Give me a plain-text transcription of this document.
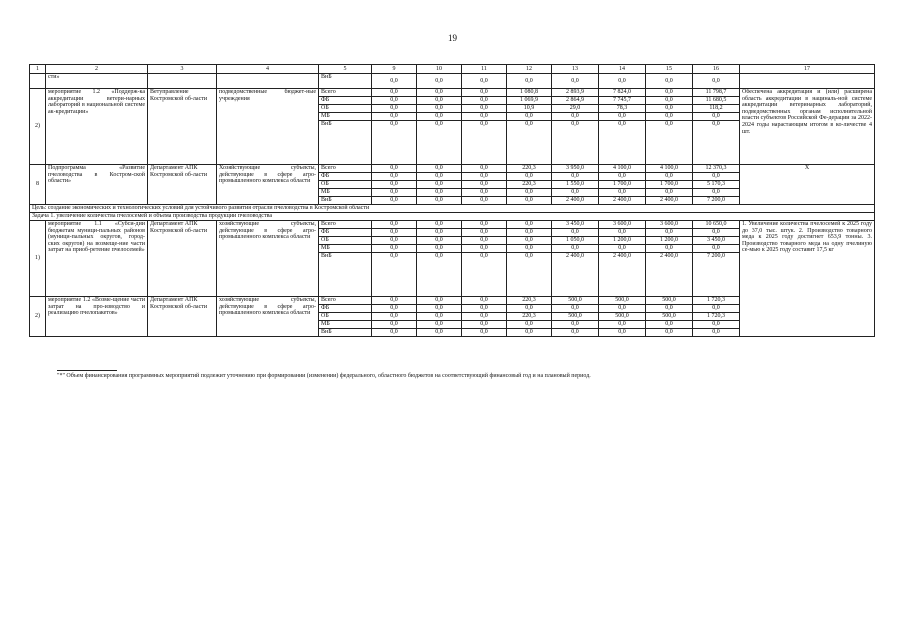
19
1	2	3	4	5	9	10	11	12	13	14	15	16	17
	сти»			ВнБ	0,0	0,0	0,0	0,0	0,0	0,0	0,0	0,0	
2)	мероприятие 1.2 «Поддерж-ка аккредитации ветери-нарных лабораторий в национальной системе ак-кредитации»	Ветуправление Костромской об-ласти	подведомственные бюджет-ные учреждения	Всего	0,0	0,0	0,0	1 080,8	2 893,9	7 824,0	0,0	11 798,7	Обеспечена аккредитация и (или) расширена область аккредитации в нациналь-ной системе аккредитации ветеринарных лабораторий, подведомственных органам исполнительной власти субъектов Российской Фе-дерации за 2022-2024 годы нарастающим итогом в ко-личестве 4 шт.
				ФБ	0,0	0,0	0,0	1 069,9	2 864,9	7 745,7	0,0	11 680,5	
				ОБ	0,0	0,0	0,0	10,9	29,0	78,3	0,0	118,2	
				МБ	0,0	0,0	0,0	0,0	0,0	0,0	0,0	0,0	
				ВнБ	0,0	0,0	0,0	0,0	0,0	0,0	0,0	0,0	
8	Подпрограмма «Развитие пчеловодства в Костром-ской области»	Департамент АПК Костромской об-ласти	Хозяйствующие субъекты, действующие в сфере агро-промышленного комплекса области	Всего	0,0	0,0	0,0	220,3	3 950,0	4 100,0	4 100,0	12 370,3	Х
				ФБ	0,0	0,0	0,0	0,0	0,0	0,0	0,0	0,0	
				ОБ	0,0	0,0	0,0	220,3	1 550,0	1 700,0	1 700,0	5 170,3	
				МБ	0,0	0,0	0,0	0,0	0,0	0,0	0,0	0,0	
				ВнБ	0,0	0,0	0,0	0,0	2 400,0	2 400,0	2 400,0	7 200,0	
Цель: создание экономических и технологических условий для устойчивого развития отрасли пчеловодства в Костромской области													
Задача 1. увеличение количества пчелосемей и объема производства продукции пчеловодства													
1)	мероприятие 1.1 «Субси-дии бюджетам муници-пальных районов (муници-пальных округов, город-ских округов) на возмеще-ние части затрат на приоб-ретение пчелосемей»	Департамент АПК Костромской об-ласти	хозяйствующие субъекты, действующие в сфере агро-промышленного комплекса области	Всего	0,0	0,0	0,0	0,0	3 450,0	3 600,0	3 600,0	10 650,0	1. Увеличение количества пчелосемей к 2025 году до 37,0 тыс. штук. 2. Производство товарного меда к 2025 году достигнет 653,9 тонны. 3. Производство товарного меда на одну пчелиную се-мью к 2025 году составит 17,5 кг
				ФБ	0,0	0,0	0,0	0,0	0,0	0,0	0,0	0,0	
				ОБ	0,0	0,0	0,0	0,0	1 050,0	1 200,0	1 200,0	3 450,0	
				МБ	0,0	0,0	0,0	0,0	0,0	0,0	0,0	0,0	
				ВнБ	0,0	0,0	0,0	0,0	2 400,0	2 400,0	2 400,0	7 200,0	
2)	мероприятие 1.2 «Возме-щение части затрат на про-изводство и реализацию пчелопакетов»	Департамент АПК Костромской об-ласти	хозяйствующие субъекты, действующие в сфере агро-промышленного комплекса области	Всего	0,0	0,0	0,0	220,3	500,0	500,0	500,0	1 720,3	
				ФБ	0,0	0,0	0,0	0,0	0,0	0,0	0,0	0,0	
				ОБ	0,0	0,0	0,0	220,3	500,0	500,0	500,0	1 720,3	
				МБ	0,0	0,0	0,0	0,0	0,0	0,0	0,0	0,0	
				ВнБ	0,0	0,0	0,0	0,0	0,0	0,0	0,0	0,0	
"*" Объем финансирования программных мероприятий подлежит уточнению при формировании (изменении) федерального, областного бюджетов на соответствующий финансовый год и на плановый период.
